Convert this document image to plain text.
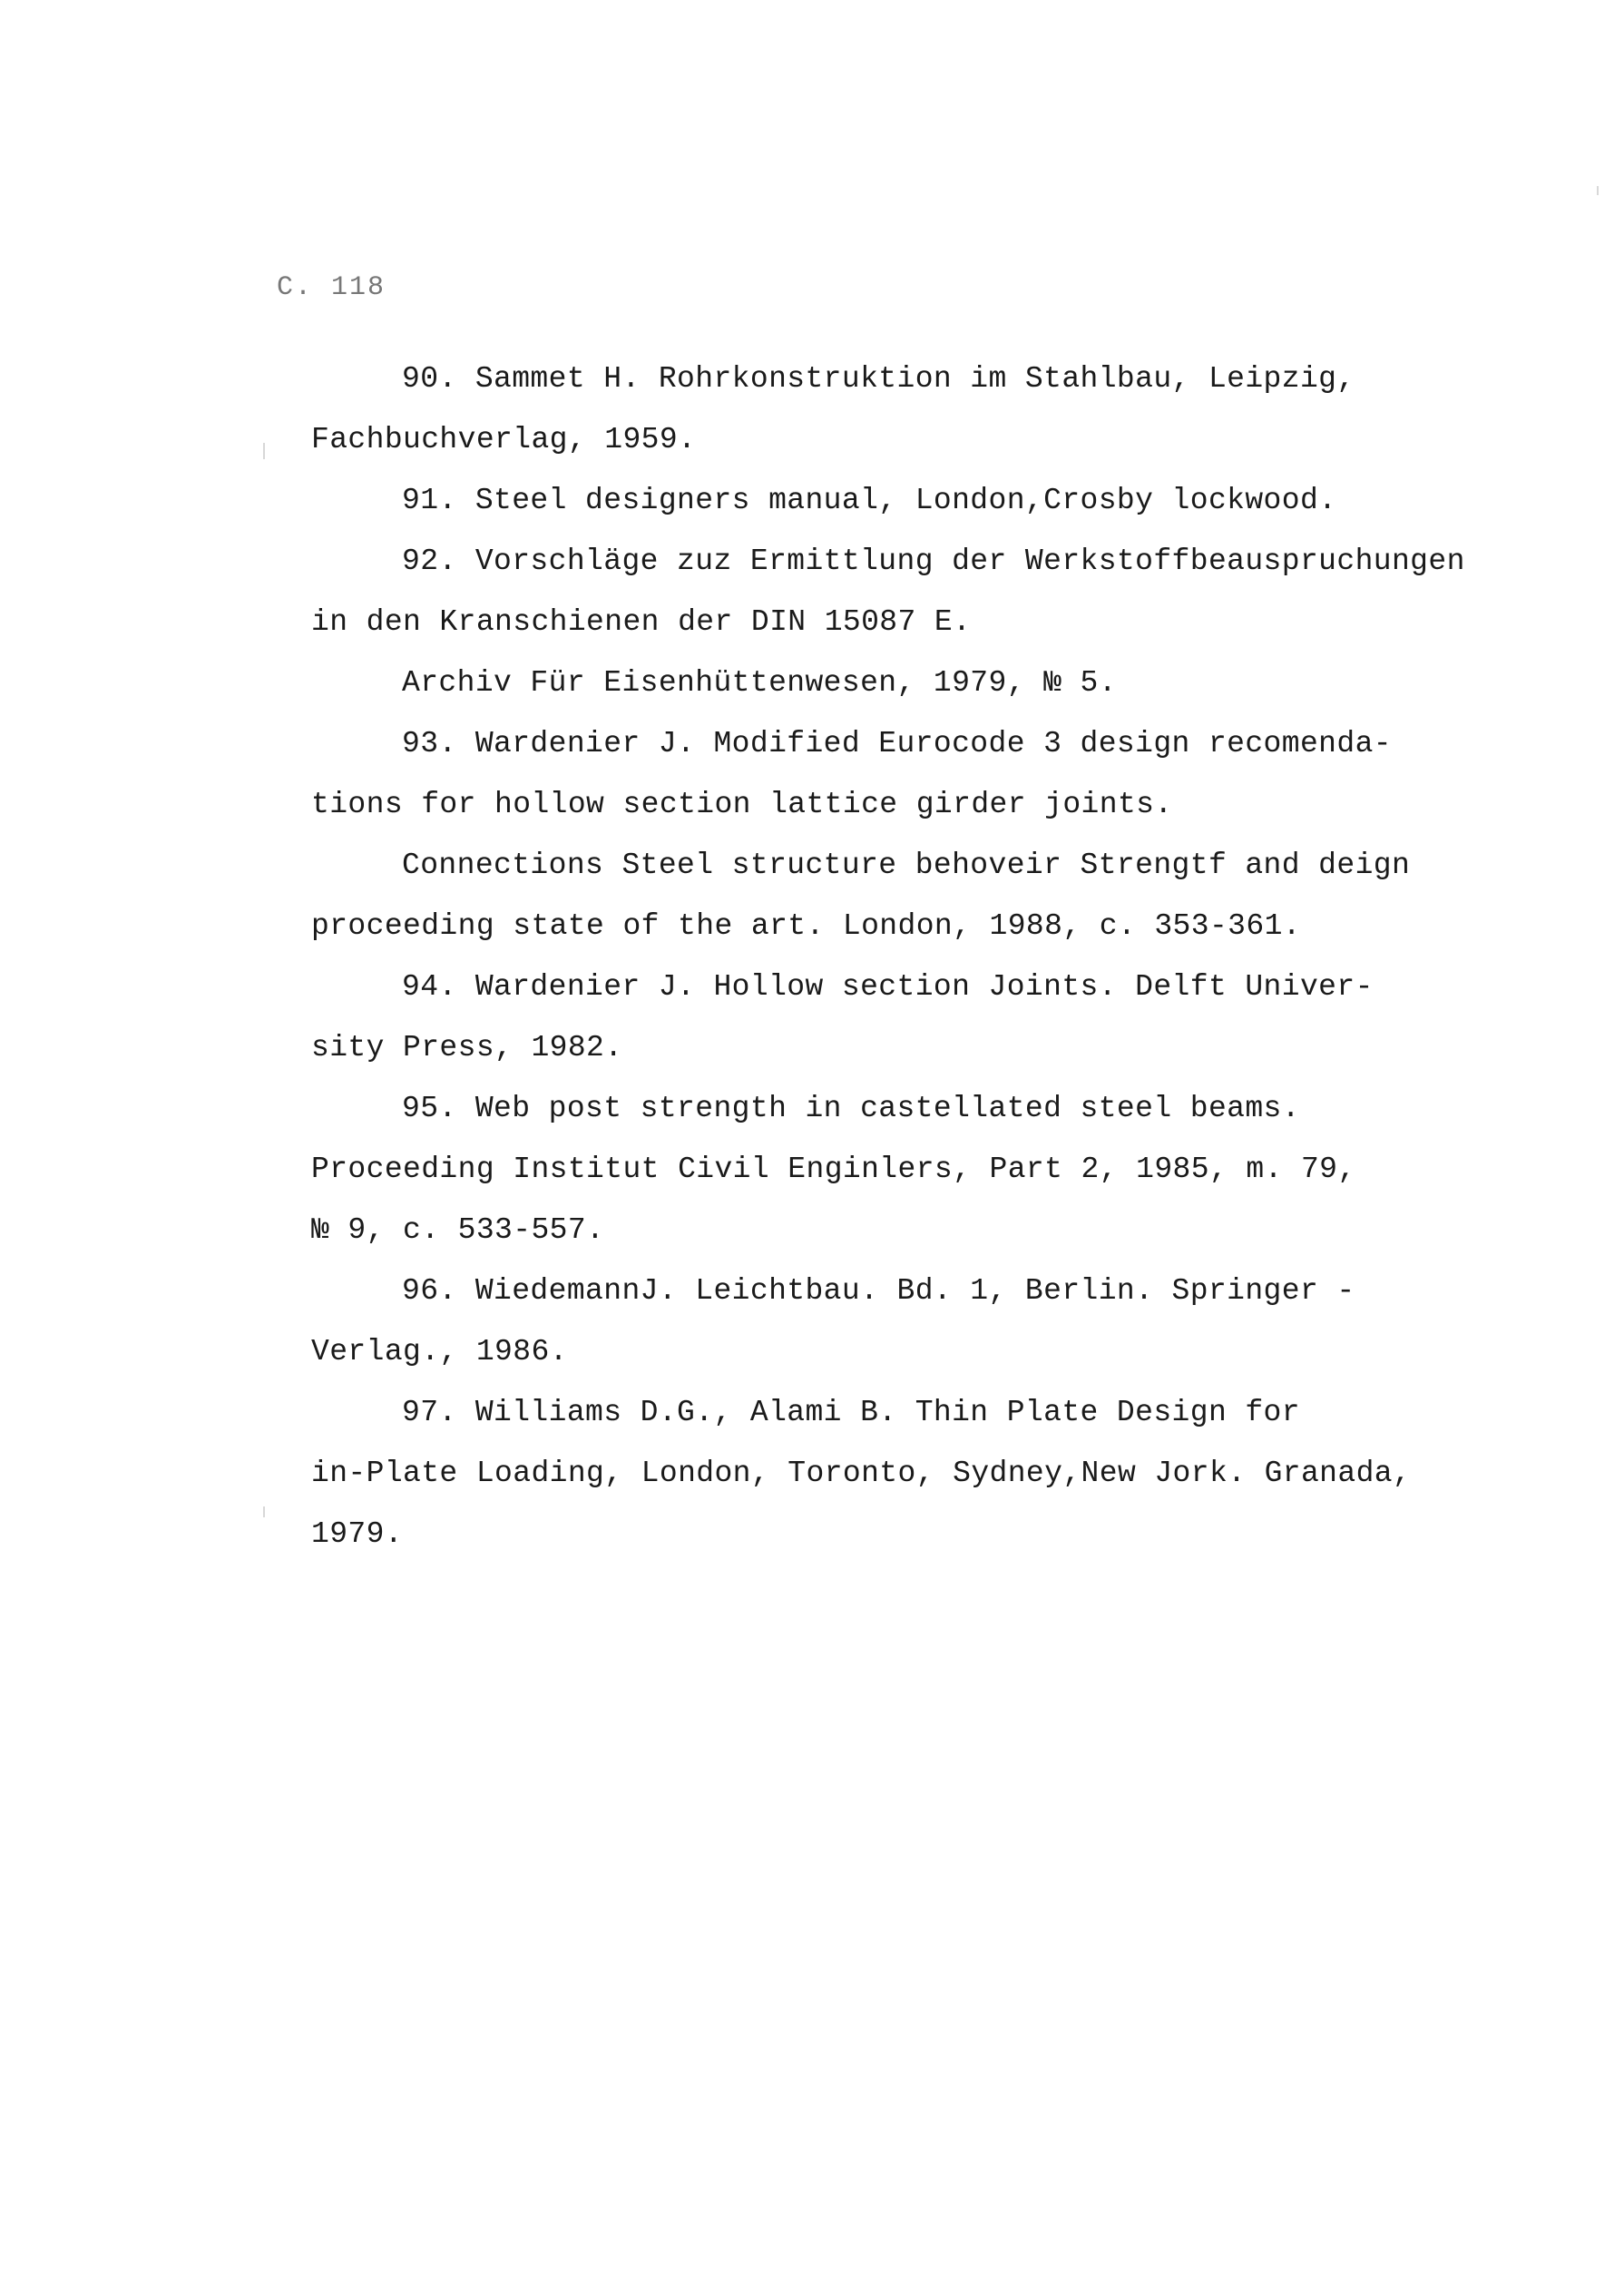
С. 118
90. Sammet H. Rohrkonstruktion im Stahlbau, Leipzig,
Fachbuchverlag, 1959.
91. Steel designers manual, London,Crosby lockwood.
92. Vorschläge zuz Ermittlung der Werkstoffbeauspruchungen
in den Kranschienen der DIN 15087 E.
Archiv Für Eisenhüttenwesen, 1979, № 5.
93. Wardenier J. Modified Eurocode 3 design recomenda-
tions for hollow section lattice girder joints.
Connections Steel structure behoveir Strengtf and deign
proceeding state of the art. London, 1988, c. 353-361.
94. Wardenier J. Hollow section Joints. Delft Univer-
sity Press, 1982.
95. Web post strength in castellated steel beams.
Proceeding Institut Civil Enginlers, Part 2, 1985, m. 79,
№ 9, c. 533-557.
96. WiedemannJ. Leichtbau. Bd. 1, Berlin. Springer -
Verlag., 1986.
97. Williams D.G., Alami B. Thin Plate Design for
in-Plate Loading, London, Toronto, Sydney,New Jork. Granada,
1979.
